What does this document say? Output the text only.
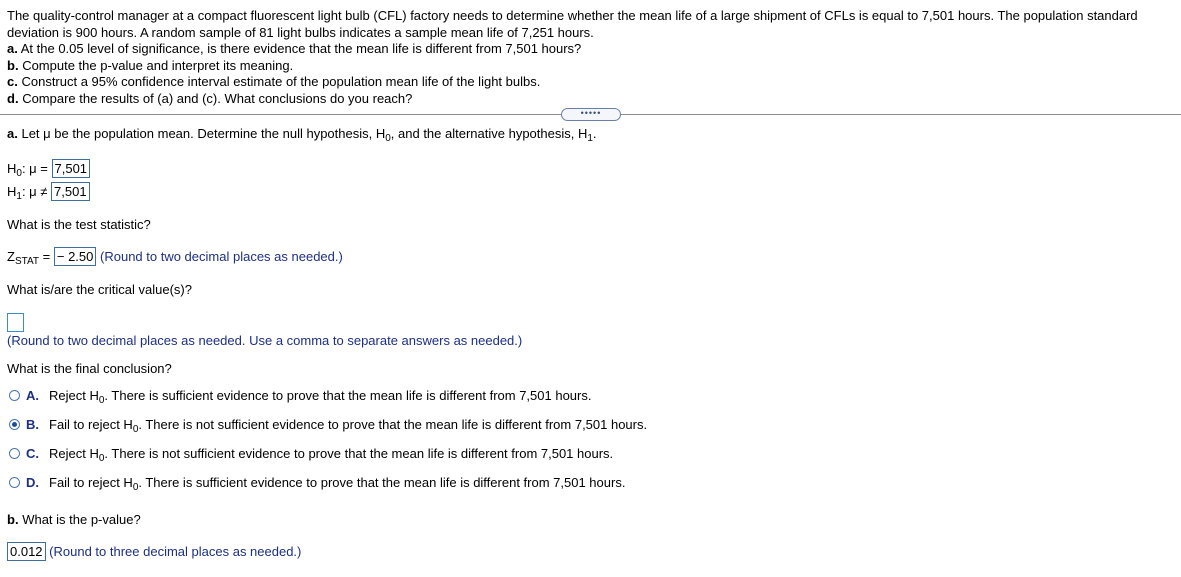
The quality-control manager at a compact fluorescent light bulb (CFL) factory needs to determine whether the mean life of a large shipment of CFLs is equal to 7,501 hours. The population standard deviation is 900 hours. A random sample of 81 light bulbs indicates a sample mean life of 7,251 hours.

a. At the 0.05 level of significance, is there evidence that the mean life is different from 7,501 hours?

b. Compute the p-value and interpret its meaning.

c. Construct a 95% confidence interval estimate of the population mean life of the light bulbs.

d. Compare the results of (a) and (c). What conclusions do you reach?

•••••
a. Let μ be the population mean. Determine the null hypothesis, $H_0$, and the alternative hypothesis, $H_1$.
$H_0$: μ = 7,501
$H_1$: μ ≠ 7,501
What is the test statistic?
$Z_{STAT}$ = − 2.50 (Round to two decimal places as needed.)
What is/are the critical value(s)?
(Round to two decimal places as needed. Use a comma to separate answers as needed.)
What is the final conclusion?
A. Reject $H_0$. There is sufficient evidence to prove that the mean life is different from 7,501 hours.
B. Fail to reject $H_0$. There is not sufficient evidence to prove that the mean life is different from 7,501 hours.
C. Reject $H_0$. There is not sufficient evidence to prove that the mean life is different from 7,501 hours.
D. Fail to reject $H_0$. There is sufficient evidence to prove that the mean life is different from 7,501 hours.
b. What is the p-value?
0.012 (Round to three decimal places as needed.)
